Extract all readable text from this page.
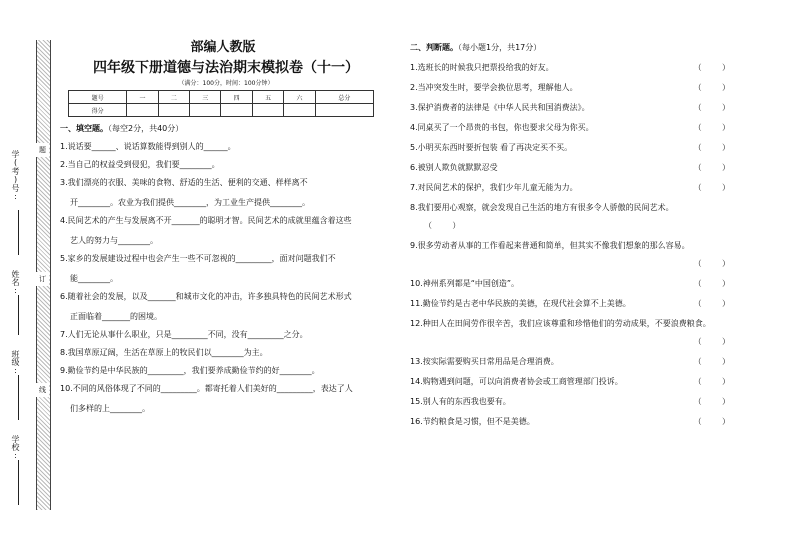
学(考)号:
姓名:
班级:
学校:
题
订
线
部编人教版
四年级下册道德与法治期末模拟卷（十一）
（满分：100分，时间：100分钟）
题号	一	二	三	四	五	六	总分
得分							
一、填空题。（每空2分，共40分）
1.说话要______、说话算数能得到别人的______。
2.当自己的权益受到侵犯，我们要________。
3.我们漂亮的衣服、美味的食物、舒适的生活、便利的交通、样样离不
开________。农业为我们提供________，为工业生产提供________。
4.民间艺术的产生与发展离不开_______的聪明才智。民间艺术的成就里蕴含着这些
艺人的努力与________。
5.家乡的发展建设过程中也会产生一些不可忽视的_________，面对问题我们不
能________。
6.随着社会的发展，以及_______和城市文化的冲击，许多独具特色的民间艺术形式
正面临着_______的困境。
7.人们无论从事什么职业，只是_________不同，没有_________之分。
8.我国草原辽阔，生活在草原上的牧民们以________为主。
9.勤俭节约是中华民族的_________，我们要养成勤俭节约的好________。
10.不同的风俗体现了不同的_________。都寄托着人们美好的_________，表达了人
们多样的上________。
二、判断题。（每小题1分，共17分）
1.选班长的时候我只把票投给我的好友。	（        ）
2.当冲突发生时，要学会换位思考，理解他人。	（        ）
3.保护消费者的法律是《中华人民共和国消费法》。	（        ）
4.同桌买了一个昂贵的书包，你也要求父母为你买。	（        ）
5.小明买东西时要折包装 看了再决定买不买。	（        ）
6.被别人欺负就默默忍受	（        ）
7.对民间艺术的保护，我们少年儿童无能为力。	（        ）
8.我们要用心观察，就会发现自己生活的地方有很多令人骄傲的民间艺术。
（        ）
9.很多劳动者从事的工作看起来普通和简单，但其实不像我们想象的那么容易。
（        ）
10.神州系列都是“中国创造”。	（        ）
11.勤俭节约是古老中华民族的美德，在现代社会算不上美德。	（        ）
12.种田人在田间劳作很辛苦，我们应该尊重和珍惜他们的劳动成果，不要浪费粮食。
（        ）
13.按实际需要购买日常用品是合理消费。	（        ）
14.购物遇到问题，可以向消费者协会或工商管理部门投诉。	（        ）
15.别人有的东西我也要有。	（        ）
16.节约粮食是习惯，但不是美德。	（        ）
